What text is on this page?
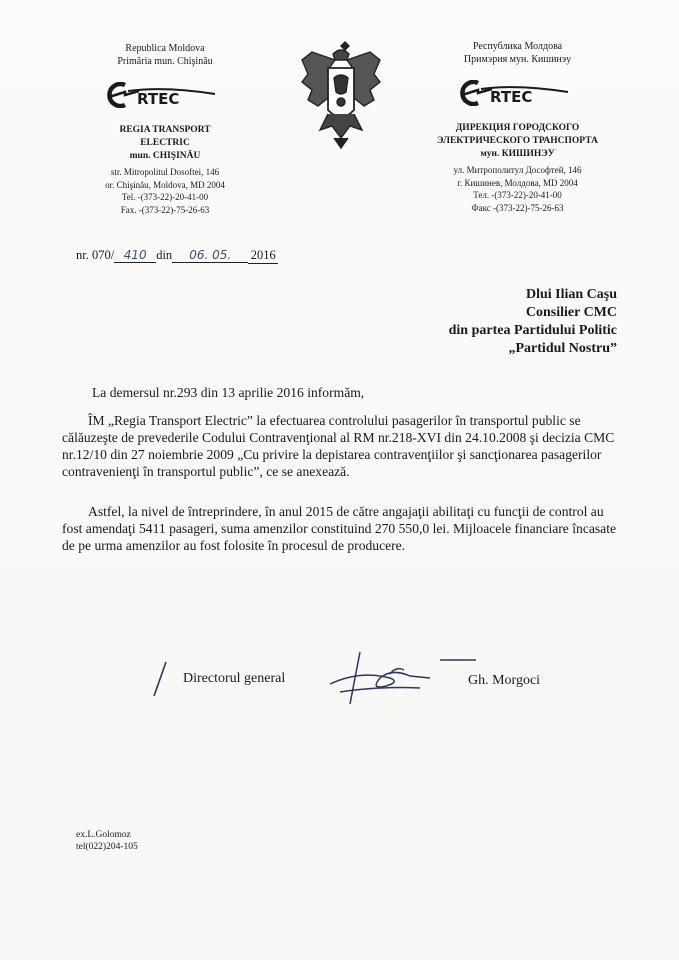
Republica Moldova
Primăria mun. Chişinău
RTEC
REGIA TRANSPORT
ELECTRIC
mun. CHIŞINĂU
str. Mitropolitul Dosoftei, 146
or. Chişinău, Moldova, MD 2004
Tel. -(373-22)-20-41-00
Fax. -(373-22)-75-26-63
Республика Молдова
Примэрия мун. Кишинэу
RTEC
ДИРЕКЦИЯ ГОРОДСКОГО
ЭЛЕКТРИЧЕСКОГО ТРАНСПОРТА
мун. КИШИНЭУ
ул. Митрополитул Дософтей, 146
г. Кишинев, Молдова, MD 2004
Тел. -(373-22)-20-41-00
Факс -(373-22)-75-26-63
nr. 070/ 410 din 06. 05. 2016
Dlui Ilian Caşu
Consilier CMC
din partea Partidului Politic
„Partidul Nostru”
La demersul nr.293 din 13 aprilie 2016 informăm,
ÎM „Regia Transport Electric” la efectuarea controlului pasagerilor în transportul public se călăuzeşte de prevederile Codului Contravenţional al RM nr.218-XVI din 24.10.2008 şi decizia CMC nr.12/10 din 27 noiembrie 2009 „Cu privire la depistarea contravenţiilor şi sancţionarea pasagerilor contravenienţi în transportul public”, ce se anexează.
Astfel, la nivel de întreprindere, în anul 2015 de către angajaţii abilitaţi cu funcţii de control au fost amendaţi 5411 pasageri, suma amenzilor constituind 270 550,0 lei. Mijloacele financiare încasate de pe urma amenzilor au fost folosite în procesul de producere.
Directorul general	Gh. Morgoci
ex.L.Golomoz
tel(022)204-105
